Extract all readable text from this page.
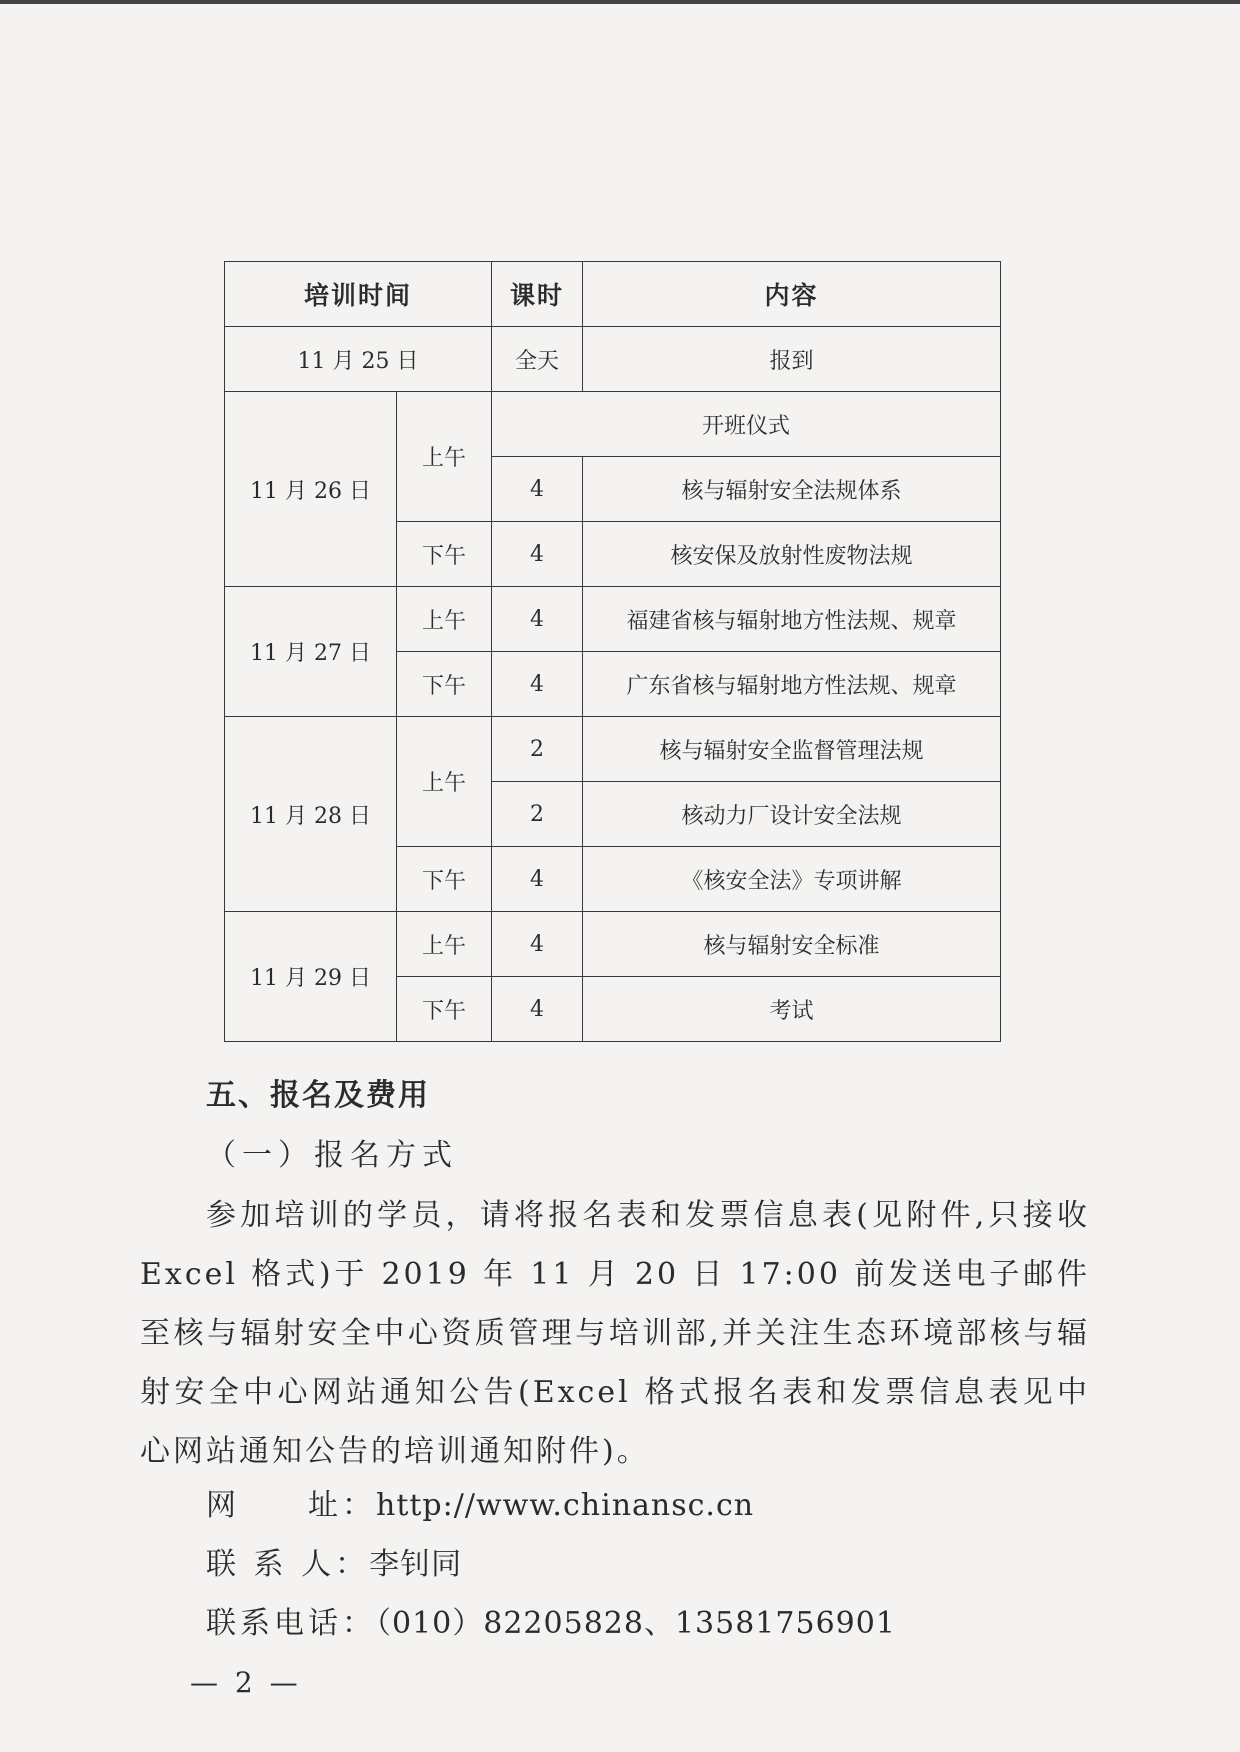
培训时间		课时	内容
11 月 25 日		全天	报到
11 月 26 日	上午	开班仪式	
		4	核与辐射安全法规体系
	下午	4	核安保及放射性废物法规
11 月 27 日	上午	4	福建省核与辐射地方性法规、规章
	下午	4	广东省核与辐射地方性法规、规章
11 月 28 日	上午	2	核与辐射安全监督管理法规
		2	核动力厂设计安全法规
	下午	4	《核安全法》专项讲解
11 月 29 日	上午	4	核与辐射安全标准
	下午	4	考试
五、报名及费用
（一）报名方式
参加培训的学员，请将报名表和发票信息表(见附件,只接收Excel 格式)于 2019 年 11 月 20 日 17:00 前发送电子邮件至核与辐射安全中心资质管理与培训部,并关注生态环境部核与辐射安全中心网站通知公告(Excel 格式报名表和发票信息表见中心网站通知公告的培训通知附件)。
网　　址：http://www.chinansc.cn
联 系 人：李钊同
联系电话：（010）82205828、13581756901
— 2 —
